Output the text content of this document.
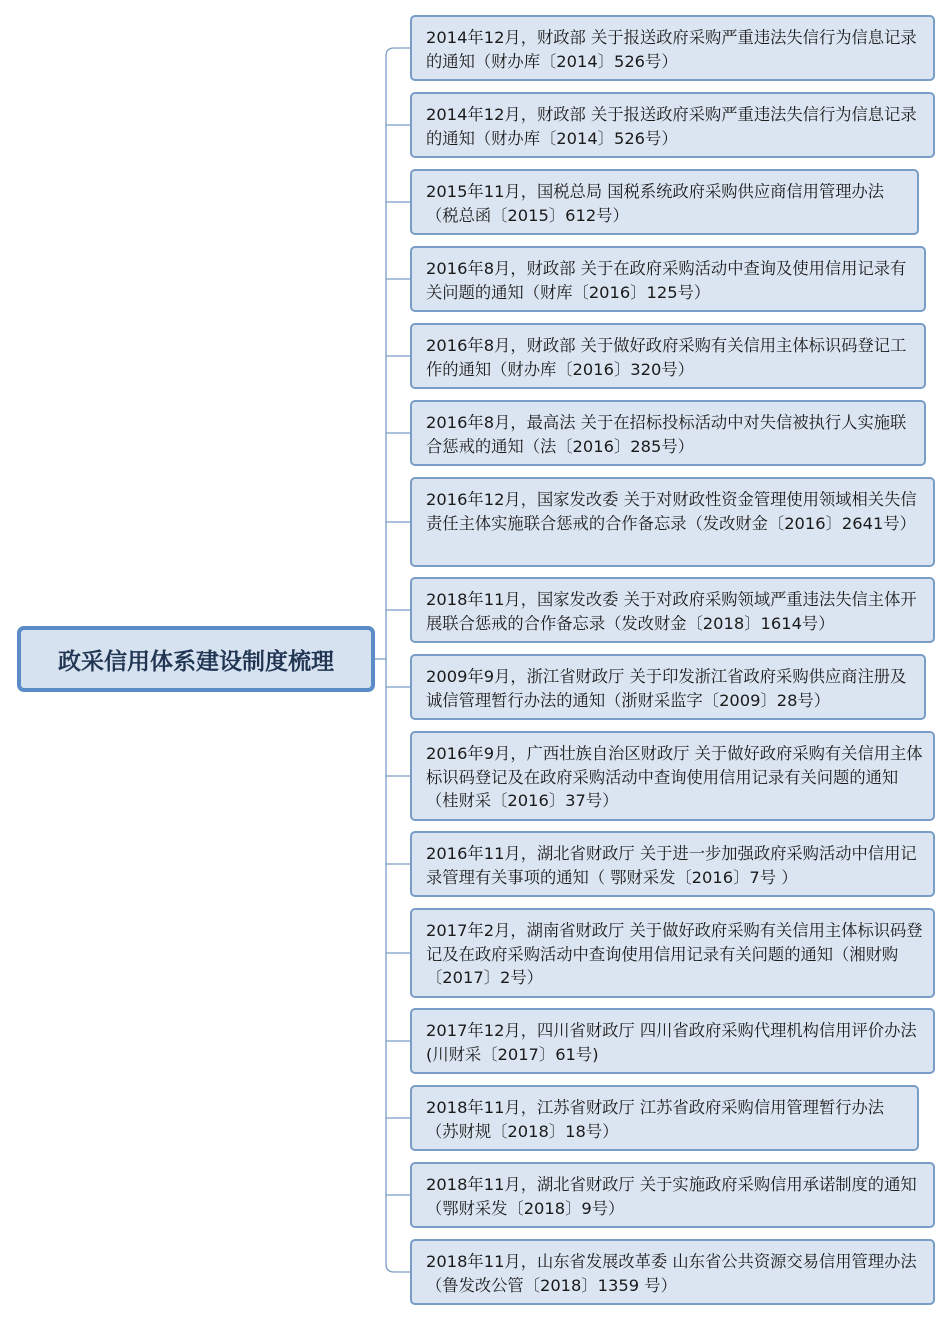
政采信用体系建设制度梳理
2014年12月，财政部 关于报送政府采购严重违法失信行为信息记录的通知（财办库〔2014〕526号）
2014年12月，财政部 关于报送政府采购严重违法失信行为信息记录的通知（财办库〔2014〕526号）
2015年11月，国税总局 国税系统政府采购供应商信用管理办法（税总函〔2015〕612号）
2016年8月，财政部 关于在政府采购活动中查询及使用信用记录有关问题的通知（财库〔2016〕125号）
2016年8月，财政部 关于做好政府采购有关信用主体标识码登记工作的通知（财办库〔2016〕320号）
2016年8月，最高法 关于在招标投标活动中对失信被执行人实施联合惩戒的通知（法〔2016〕285号）
2016年12月，国家发改委 关于对财政性资金管理使用领域相关失信责任主体实施联合惩戒的合作备忘录（发改财金〔2016〕2641号）
2018年11月，国家发改委 关于对政府采购领域严重违法失信主体开展联合惩戒的合作备忘录（发改财金〔2018〕1614号）
2009年9月，浙江省财政厅 关于印发浙江省政府采购供应商注册及诚信管理暂行办法的通知（浙财采监字〔2009〕28号）
2016年9月，广西壮族自治区财政厅 关于做好政府采购有关信用主体标识码登记及在政府采购活动中查询使用信用记录有关问题的通知 （桂财采〔2016〕37号）
2016年11月，湖北省财政厅 关于进一步加强政府采购活动中信用记录管理有关事项的通知（ 鄂财采发〔2016〕7号 ）
2017年2月，湖南省财政厅 关于做好政府采购有关信用主体标识码登记及在政府采购活动中查询使用信用记录有关问题的通知（湘财购〔2017〕2号）
2017年12月，四川省财政厅 四川省政府采购代理机构信用评价办法(川财采〔2017〕61号)
2018年11月，江苏省财政厅 江苏省政府采购信用管理暂行办法（苏财规〔2018〕18号）
2018年11月，湖北省财政厅 关于实施政府采购信用承诺制度的通知（鄂财采发〔2018〕9号）
2018年11月，山东省发展改革委 山东省公共资源交易信用管理办法（鲁发改公管〔2018〕1359 号）
